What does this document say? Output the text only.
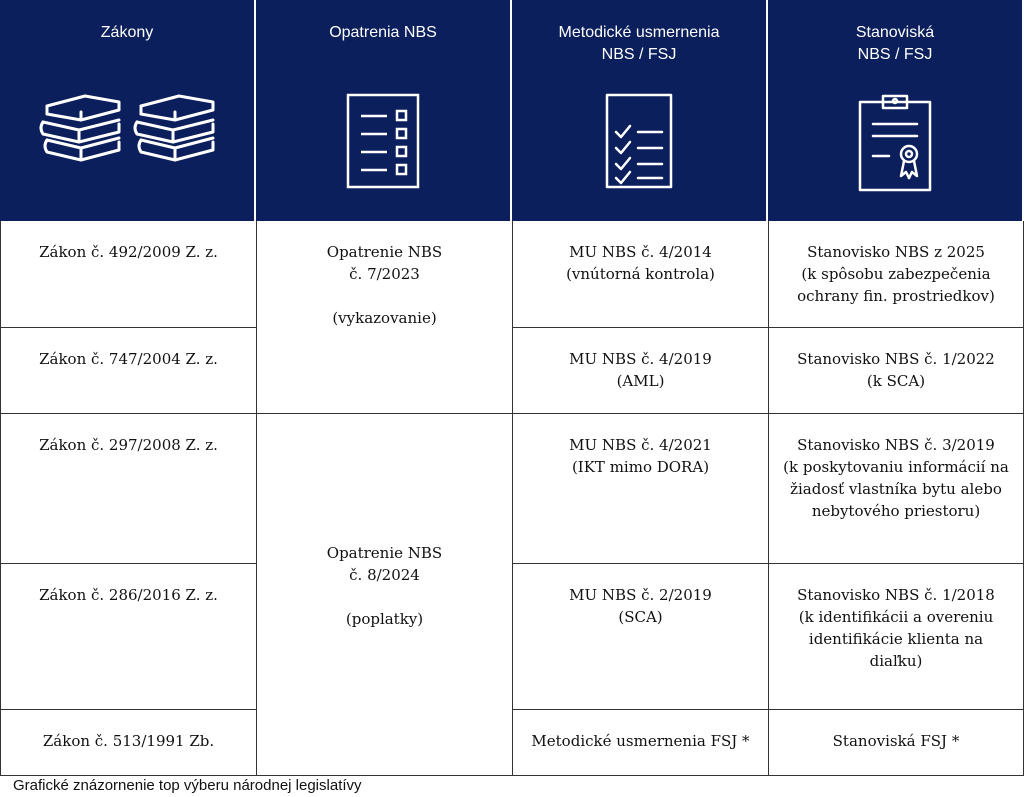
Zákony	Opatrenia NBS	Metodické usmernenia
NBS / FSJ
Stanoviská
NBS / FSJ
Zákon č. 492/2009 Z. z.
Zákon č. 747/2004 Z. z.
Zákon č. 297/2008 Z. z.
Zákon č. 286/2016 Z. z.
Zákon č. 513/1991 Zb.
Opatrenie NBS
č. 7/2023
(vykazovanie)
Opatrenie NBS
č. 8/2024
(poplatky)
MU NBS č. 4/2014
(vnútorná kontrola)
MU NBS č. 4/2019
(AML)
MU NBS č. 4/2021
(IKT mimo DORA)
MU NBS č. 2/2019
(SCA)
Metodické usmernenia FSJ *
Stanovisko NBS z 2025
(k spôsobu zabezpečenia
ochrany fin. prostriedkov)
Stanovisko NBS č. 1/2022
(k SCA)
Stanovisko NBS č. 3/2019
(k poskytovaniu informácií na
žiadosť vlastníka bytu alebo
nebytového priestoru)
Stanovisko NBS č. 1/2018
(k identifikácii a overeniu
identifikácie klienta na
diaľku)
Stanoviská FSJ *
Grafické znázornenie top výberu národnej legislatívy
